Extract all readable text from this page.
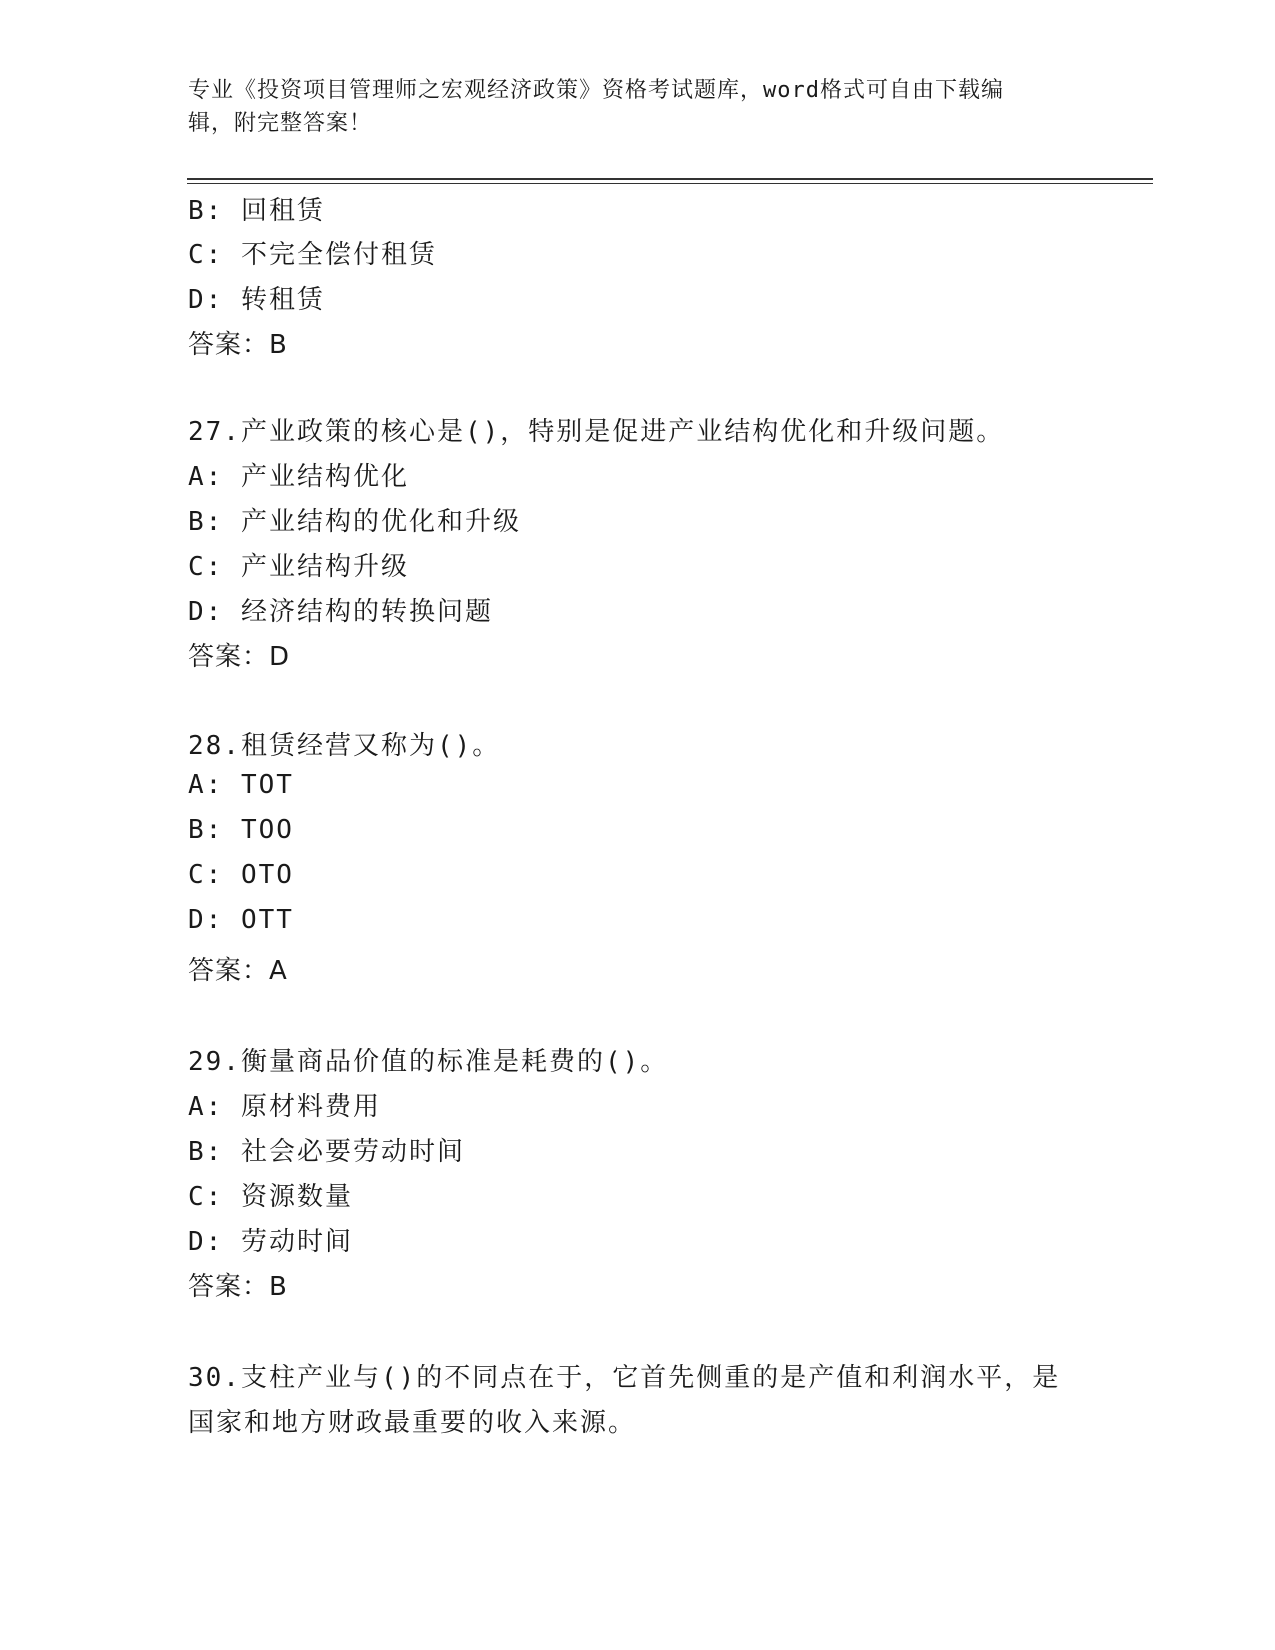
专业《投资项目管理师之宏观经济政策》资格考试题库，word格式可自由下载编
辑，附完整答案！
B: 回租赁
C: 不完全偿付租赁
D: 转租赁
答案：B
27.产业政策的核心是()，特别是促进产业结构优化和升级问题。
A: 产业结构优化
B: 产业结构的优化和升级
C: 产业结构升级
D: 经济结构的转换问题
答案：D
28.租赁经营又称为()。
A: TOT
B: TOO
C: OTO
D: OTT
答案：A
29.衡量商品价值的标准是耗费的()。
A: 原材料费用
B: 社会必要劳动时间
C: 资源数量
D: 劳动时间
答案：B
30.支柱产业与()的不同点在于，它首先侧重的是产值和利润水平，是
国家和地方财政最重要的收入来源。
